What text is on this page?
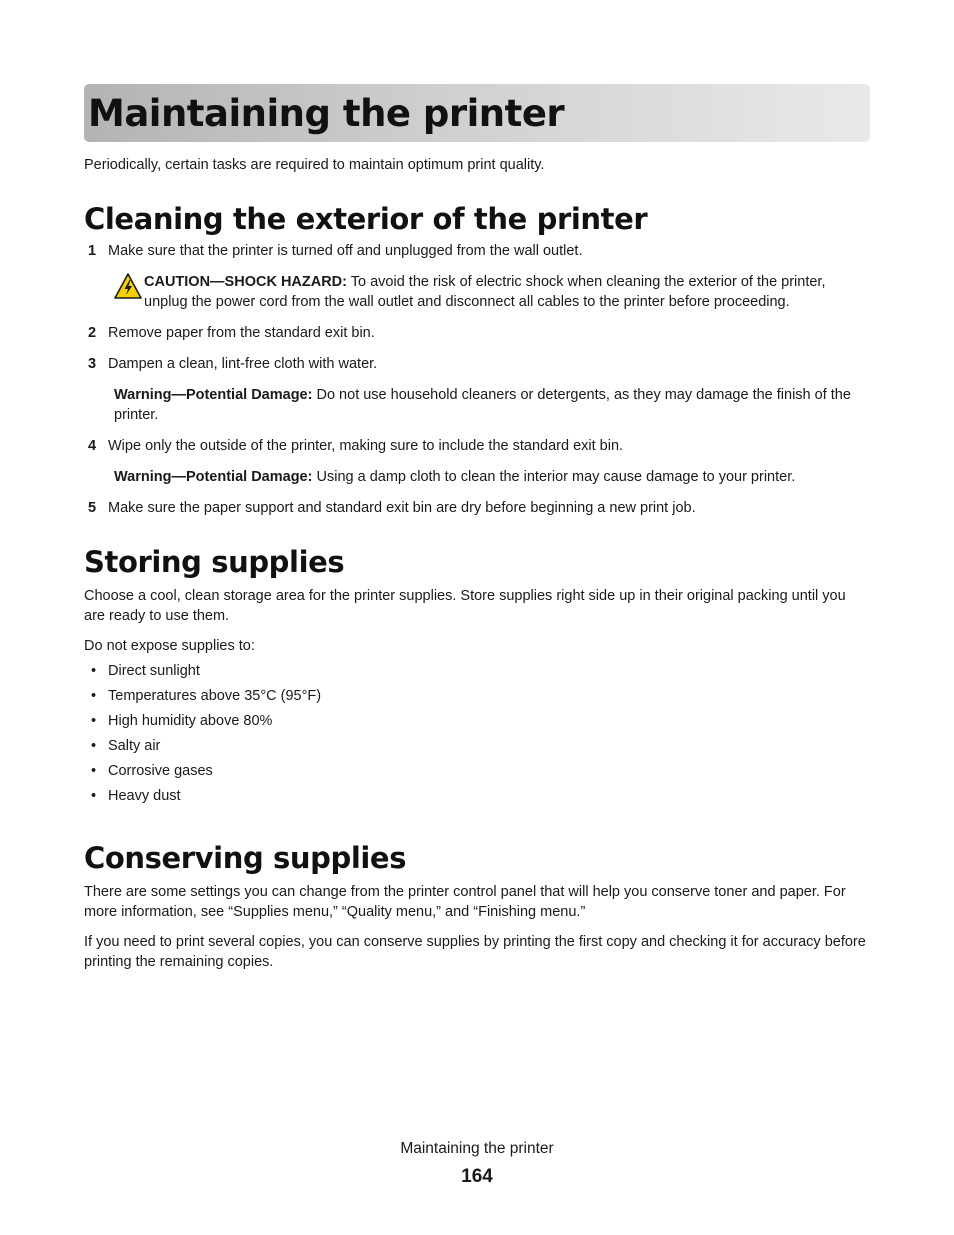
Maintaining the printer

Periodically, certain tasks are required to maintain optimum print quality.

Cleaning the exterior of the printer
1 Make sure that the printer is turned off and unplugged from the wall outlet.
CAUTION—SHOCK HAZARD: To avoid the risk of electric shock when cleaning the exterior of the printer, unplug the power cord from the wall outlet and disconnect all cables to the printer before proceeding.
2 Remove paper from the standard exit bin.
3 Dampen a clean, lint-free cloth with water.
Warning—Potential Damage: Do not use household cleaners or detergents, as they may damage the finish of the printer.
4 Wipe only the outside of the printer, making sure to include the standard exit bin.
Warning—Potential Damage: Using a damp cloth to clean the interior may cause damage to your printer.
5 Make sure the paper support and standard exit bin are dry before beginning a new print job.
Storing supplies

Choose a cool, clean storage area for the printer supplies. Store supplies right side up in their original packing until you are ready to use them.

Do not expose supplies to:

• Direct sunlight
• Temperatures above 35°C (95°F)
• High humidity above 80%
• Salty air
• Corrosive gases
• Heavy dust
Conserving supplies

There are some settings you can change from the printer control panel that will help you conserve toner and paper. For more information, see “Supplies menu,” “Quality menu,” and “Finishing menu.”

If you need to print several copies, you can conserve supplies by printing the first copy and checking it for accuracy before printing the remaining copies.

Maintaining the printer
164
